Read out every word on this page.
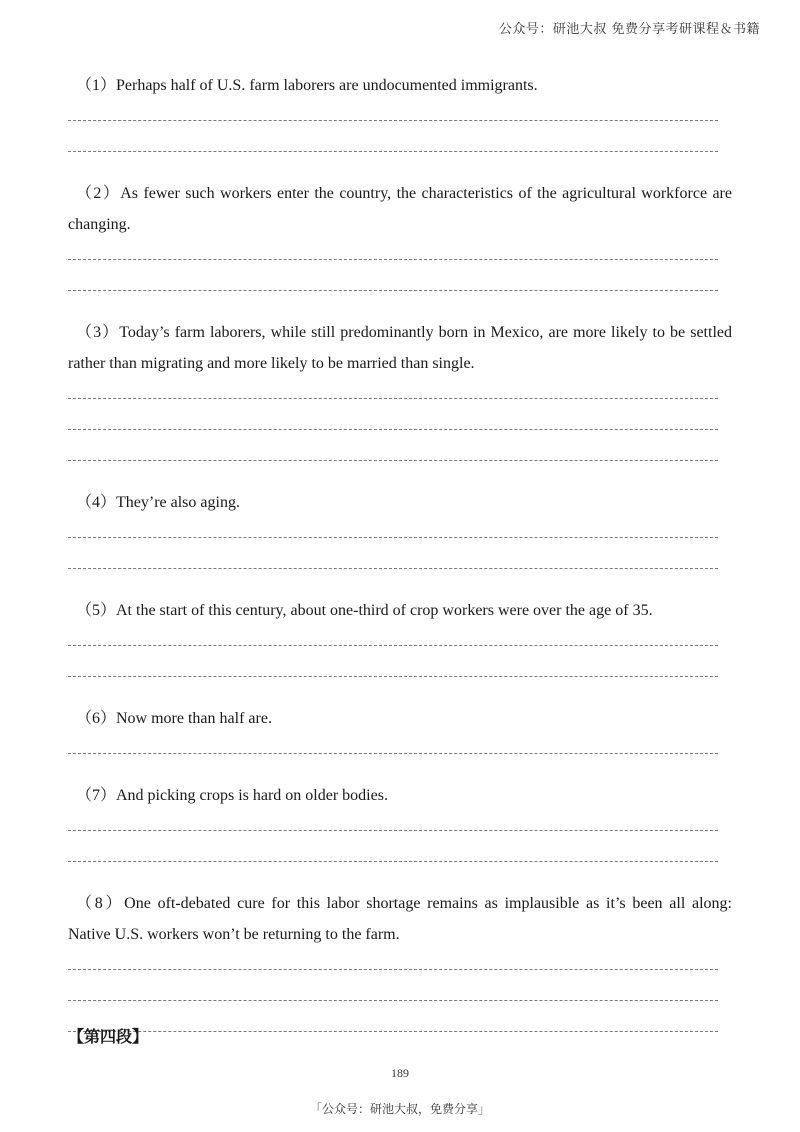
公众号：研池大叔 免费分享考研课程＆书籍

（1）Perhaps half of U.S. farm laborers are undocumented immigrants.

（2）As fewer such workers enter the country, the characteristics of the agricultural workforce are changing.

（3）Today’s farm laborers, while still predominantly born in Mexico, are more likely to be settled rather than migrating and more likely to be married than single.

（4）They’re also aging.

（5）At the start of this century, about one-third of crop workers were over the age of 35.

（6）Now more than half are.

（7）And picking crops is hard on older bodies.

（8）One oft-debated cure for this labor shortage remains as implausible as it’s been all along: Native U.S. workers won’t be returning to the farm.

【第四段】
189
「公众号：研池大叔，免费分享」
